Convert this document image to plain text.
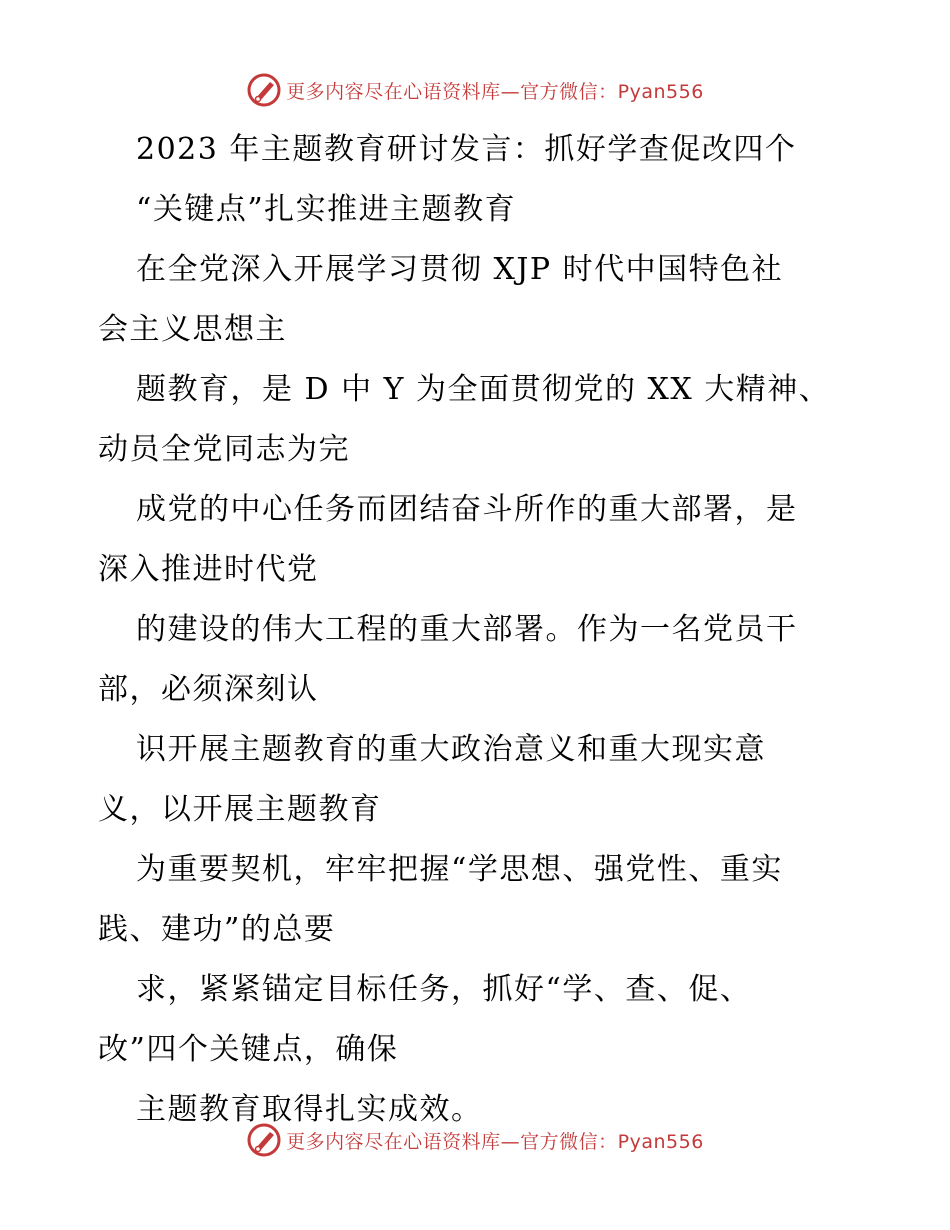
更多内容尽在心语资料库—官方微信：Pyan556
2023 年主题教育研讨发言：抓好学查促改四个
“关键点”扎实推进主题教育
在全党深入开展学习贯彻 XJP 时代中国特色社
会主义思想主
题教育，是 D 中 Y 为全面贯彻党的 XX 大精神、
动员全党同志为完
成党的中心任务而团结奋斗所作的重大部署，是
深入推进时代党
的建设的伟大工程的重大部署。作为一名党员干
部，必须深刻认
识开展主题教育的重大政治意义和重大现实意
义，以开展主题教育
为重要契机，牢牢把握“学思想、强党性、重实
践、建功”的总要
求，紧紧锚定目标任务，抓好“学、查、促、
改”四个关键点，确保
主题教育取得扎实成效。
更多内容尽在心语资料库—官方微信：Pyan556
